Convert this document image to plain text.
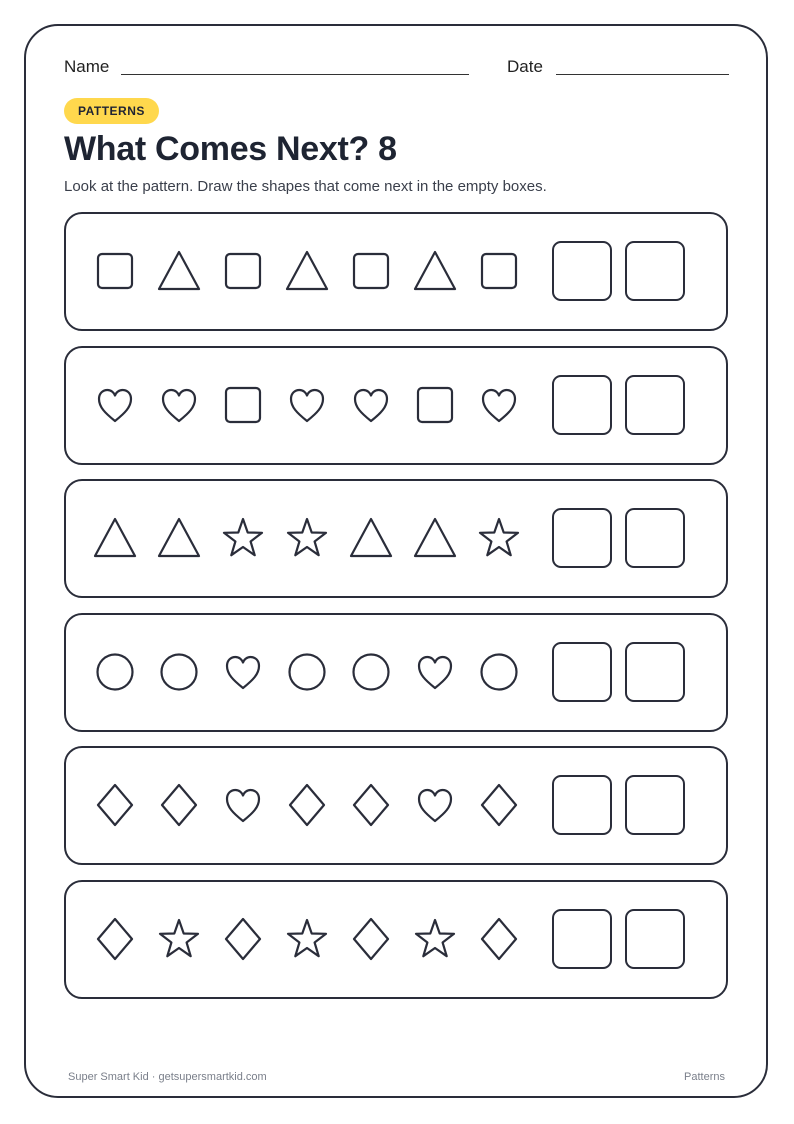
Name	Date
PATTERNS
What Comes Next? 8

Look at the pattern. Draw the shapes that come next in the empty boxes.

Super Smart Kid · getsupersmartkid.com	Patterns
